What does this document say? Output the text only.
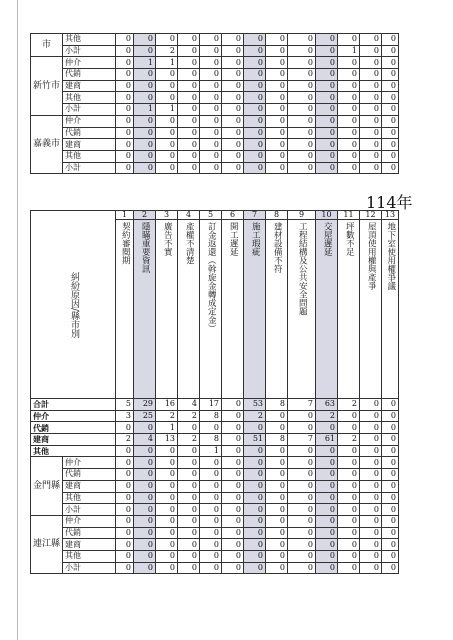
市	其他	0	0	0	0	0	0	0	0	0	0	0	0	0
	小計	0	0	2	0	0	0	0	0	0	0	1	0	0
新竹市	仲介	0	1	1	0	0	0	0	0	0	0	0	0	0
	代銷	0	0	0	0	0	0	0	0	0	0	0	0	0
	建商	0	0	0	0	0	0	0	0	0	0	0	0	0
	其他	0	0	0	0	0	0	0	0	0	0	0	0	0
	小計	0	1	1	0	0	0	0	0	0	0	0	0	0
嘉義市	仲介	0	0	0	0	0	0	0	0	0	0	0	0	0
	代銷	0	0	0	0	0	0	0	0	0	0	0	0	0
	建商	0	0	0	0	0	0	0	0	0	0	0	0	0
	其他	0	0	0	0	0	0	0	0	0	0	0	0	0
	小計	0	0	0	0	0	0	0	0	0	0	0	0	0
114年
糾紛原因/縣市別		1	2	3	4	5	6	7	8	9	10	11	12	13

		契約審閱期	隱瞞重要資訊	廣告不實	產權不清楚	訂金返還（斡旋金轉成定金）	開工遲延	施工瑕疵	建材設備不符	工程結構及公共安全問題	交屋遲延	坪數不足	屋頂使用權與產爭	地下室使用權爭議

合計		5	29	16	4	17	0	53	8	7	63	2	0	0
仲介		3	25	2	2	8	0	2	0	0	2	0	0	0
代銷		0	0	1	0	0	0	0	0	0	0	0	0	0
建商		2	4	13	2	8	0	51	8	7	61	2	0	0
其他		0	0	0	0	1	0	0	0	0	0	0	0	0
金門縣	仲介	0	0	0	0	0	0	0	0	0	0	0	0	0
	代銷	0	0	0	0	0	0	0	0	0	0	0	0	0
	建商	0	0	0	0	0	0	0	0	0	0	0	0	0
	其他	0	0	0	0	0	0	0	0	0	0	0	0	0
	小計	0	0	0	0	0	0	0	0	0	0	0	0	0
連江縣	仲介	0	0	0	0	0	0	0	0	0	0	0	0	0
	代銷	0	0	0	0	0	0	0	0	0	0	0	0	0
	建商	0	0	0	0	0	0	0	0	0	0	0	0	0
	其他	0	0	0	0	0	0	0	0	0	0	0	0	0
	小計	0	0	0	0	0	0	0	0	0	0	0	0	0
